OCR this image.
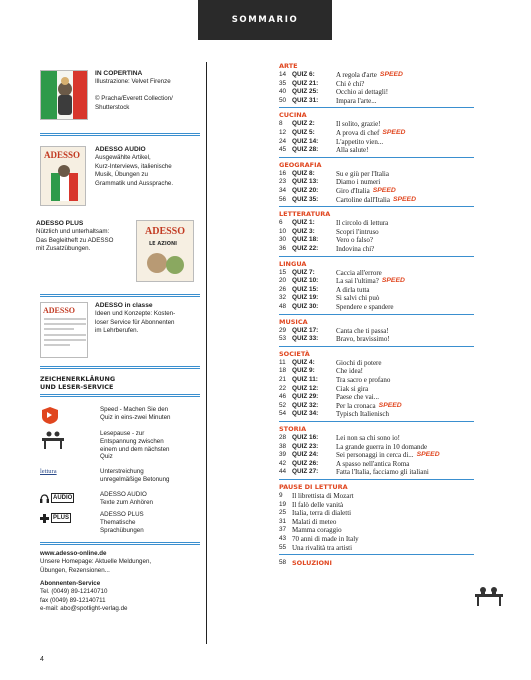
SOMMARIO
IN COPERTINA
Illustrazione: Velvet Firenze

© Pracha/Everett Collection/
Shutterstock
ADESSO
ADESSO AUDIO
Ausgewählte Artikel,
Kurz-Interviews, italienische
Musik, Übungen zu
Grammatik und Aussprache.
ADESSO PLUS
Nützlich und unterhaltsam:
Das Begleitheft zu ADESSO
mit Zusatzübungen.
ADESSO
LE AZIONI
ADESSO
ADESSO in classe
Ideen und Konzepte: Kosten-
loser Service für Abonnenten
im Lehrberufen.
ZEICHENERKLÄRUNG
UND LESER-SERVICE
Speed - Machen Sie den
Quiz in eins-zwei Minuten
Lesepause - zur
Entspannung zwischen
einem und dem nächsten
Quiz
lettura	Unterstreichung
unregelmäßige Betonung
AUDIO	ADESSO AUDIO
Texte zum Anhören
PLUS	ADESSO PLUS
Thematische
Sprachübungen
www.adesso-online.de
Unsere Homepage: Aktuelle Meldungen,
Übungen, Rezensionen...
Abonnenten-Service
Tel. (0049) 89-12140710
fax (0049) 89-12140711
e-mail: abo@spotlight-verlag.de
4
ARTE
14 QUIZ 6:	A regola d'arte SPEED
35 QUIZ 21:	Chi è chi?
40 QUIZ 25:	Occhio ai dettagli!
50 QUIZ 31:	Impara l'arte...
CUCINA
8	QUIZ 2:	Il solito, grazie!
12 QUIZ 5:	A prova di chef SPEED
24 QUIZ 14:	L'appetito vien...
45 QUIZ 28:	Alla salute!
GEOGRAFIA
16 QUIZ 8:	Su e giù per l'Italia
23 QUIZ 13:	Diamo i numeri
34 QUIZ 20:	Giro d'Italia SPEED
56 QUIZ 35:	Cartoline dall'Italia SPEED
LETTERATURA
6	QUIZ 1:	Il circolo di lettura
10 QUIZ 3:	Scopri l'intruso
30 QUIZ 18:	Vero o falso?
36 QUIZ 22:	Indovina chi?
LINGUA
15 QUIZ 7:	Caccia all'errore
20 QUIZ 10:	La sai l'ultima? SPEED
26 QUIZ 15:	A dirla tutta
32 QUIZ 19:	Si salvi chi può
48 QUIZ 30:	Spendere e spandere
MUSICA
29 QUIZ 17:	Canta che ti passa!
53 QUIZ 33:	Bravo, bravissimo!
SOCIETÀ
11 QUIZ 4:	Giochi di potere
18 QUIZ 9:	Che idea!
21 QUIZ 11:	Tra sacro e profano
22 QUIZ 12:	Ciak si gira
46 QUIZ 29:	Paese che vai...
52 QUIZ 32:	Per la cronaca SPEED
54 QUIZ 34:	Typisch Italienisch
STORIA
28 QUIZ 16:	Lei non sa chi sono io!
38 QUIZ 23:	La grande guerra in 10 domande
39 QUIZ 24:	Sei personaggi in cerca di... SPEED
42 QUIZ 26:	A spasso nell'antica Roma
44 QUIZ 27:	Fatta l'Italia, facciamo gli italiani
PAUSE DI LETTURA
9	Il librettista di Mozart
19 Il falò delle vanità
25 Italia, terra di dialetti
31 Malati di meteo
37 Mamma coraggio
43 70 anni di made in Italy
55 Una rivalità tra artisti
58 SOLUZIONI
